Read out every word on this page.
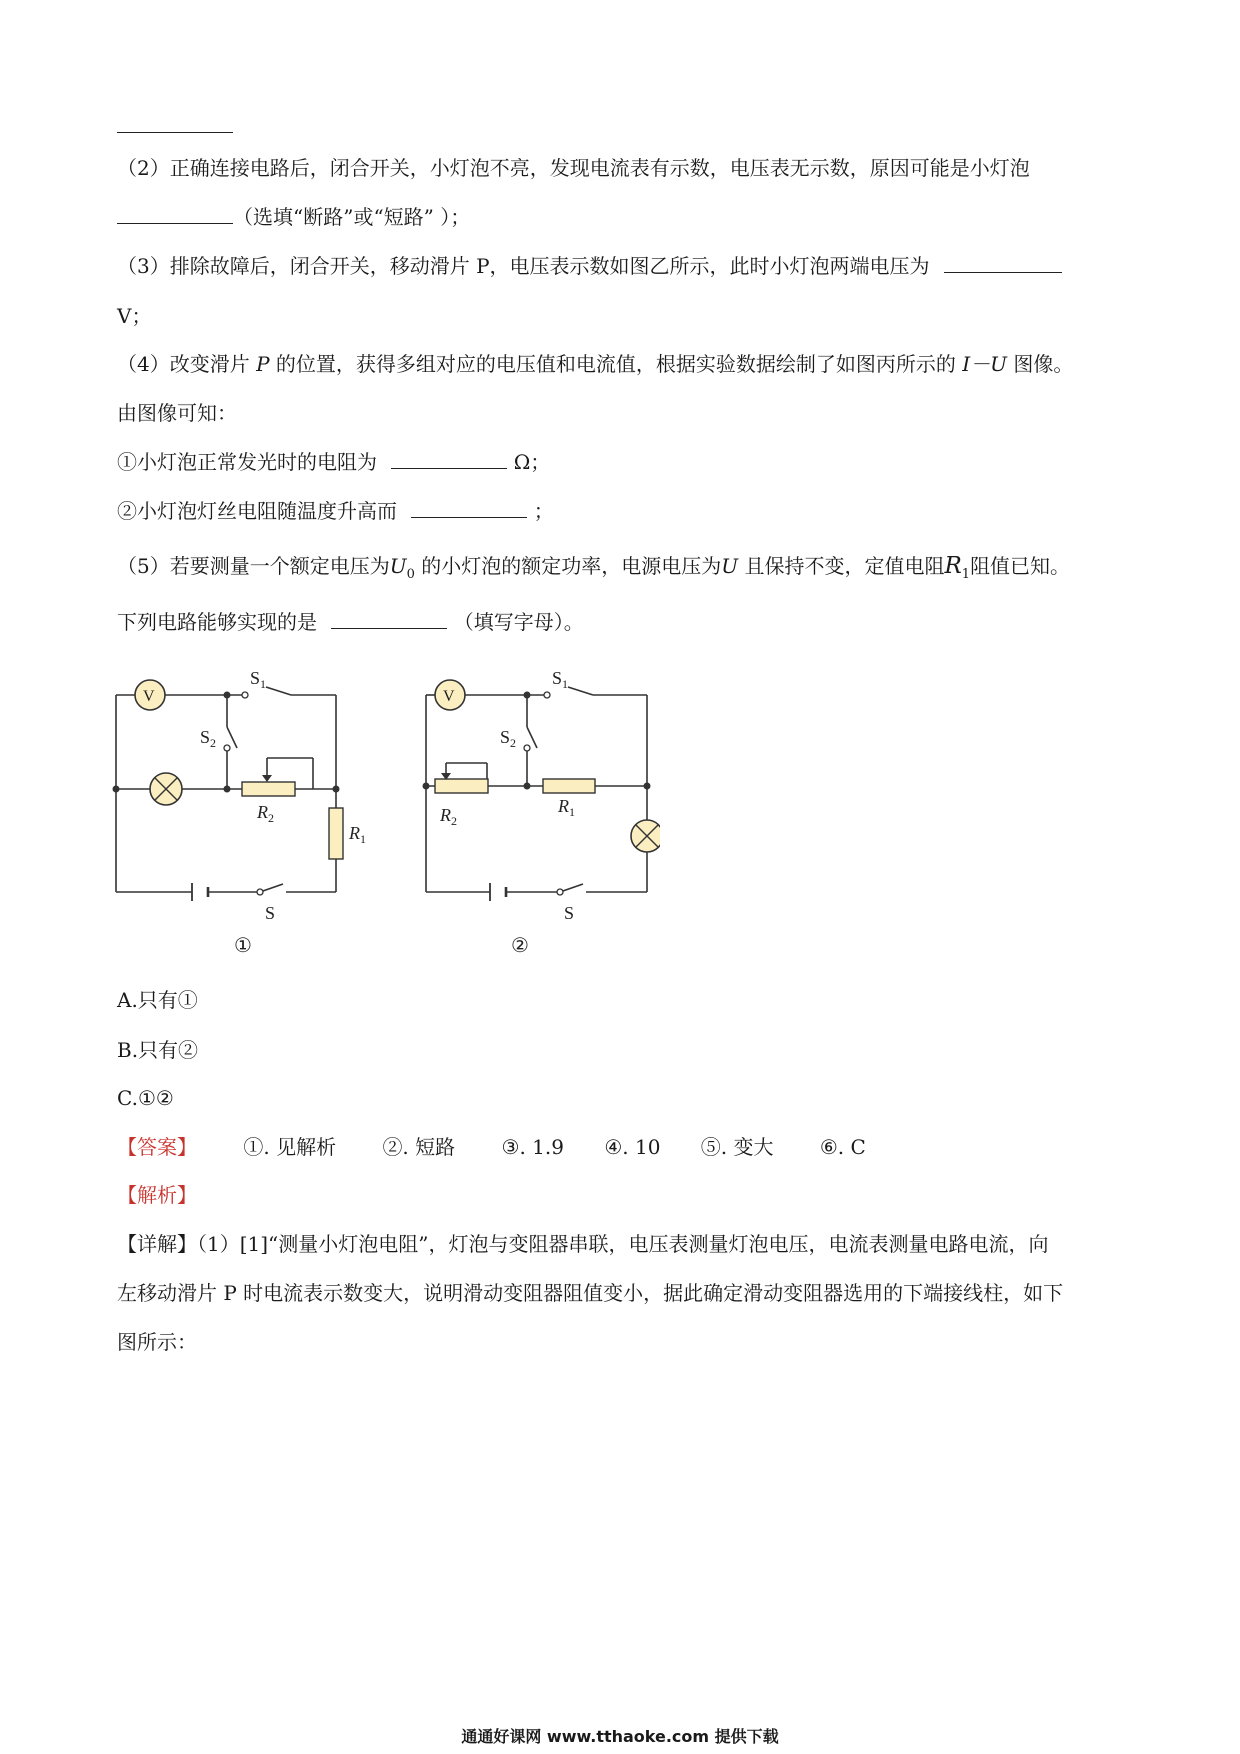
（2）正确连接电路后，闭合开关，小灯泡不亮，发现电流表有示数，电压表无示数，原因可能是小灯泡
（选填“断路”或“短路” ）；
（3）排除故障后，闭合开关，移动滑片 P，电压表示数如图乙所示，此时小灯泡两端电压为
V；
（4）改变滑片 P 的位置，获得多组对应的电压值和电流值，根据实验数据绘制了如图丙所示的 I－U 图像。
由图像可知：
①小灯泡正常发光时的电阻为	Ω；
②小灯泡灯丝电阻随温度升高而	；
（5）若要测量一个额定电压为$U_0$ 的小灯泡的额定功率，电源电压为U 且保持不变，定值电阻$R_1$阻值已知。
下列电路能够实现的是	（填写字母）。
V
$S_1$
$S_2$
$R_2$
$R_1$
S
①
V
$S_1$
$S_2$
$R_2$
$R_1$
S
②
A.只有①
B.只有②
C.①②
【答案】 ①. 见解析 ②. 短路 ③. 1.9 ④. 10 ⑤. 变大 ⑥. C
【解析】
【详解】（1）[1]“测量小灯泡电阻”，灯泡与变阻器串联，电压表测量灯泡电压，电流表测量电路电流，向
左移动滑片 P 时电流表示数变大，说明滑动变阻器阻值变小，据此确定滑动变阻器选用的下端接线柱，如下
图所示：
通通好课网 www.tthaoke.com 提供下载
